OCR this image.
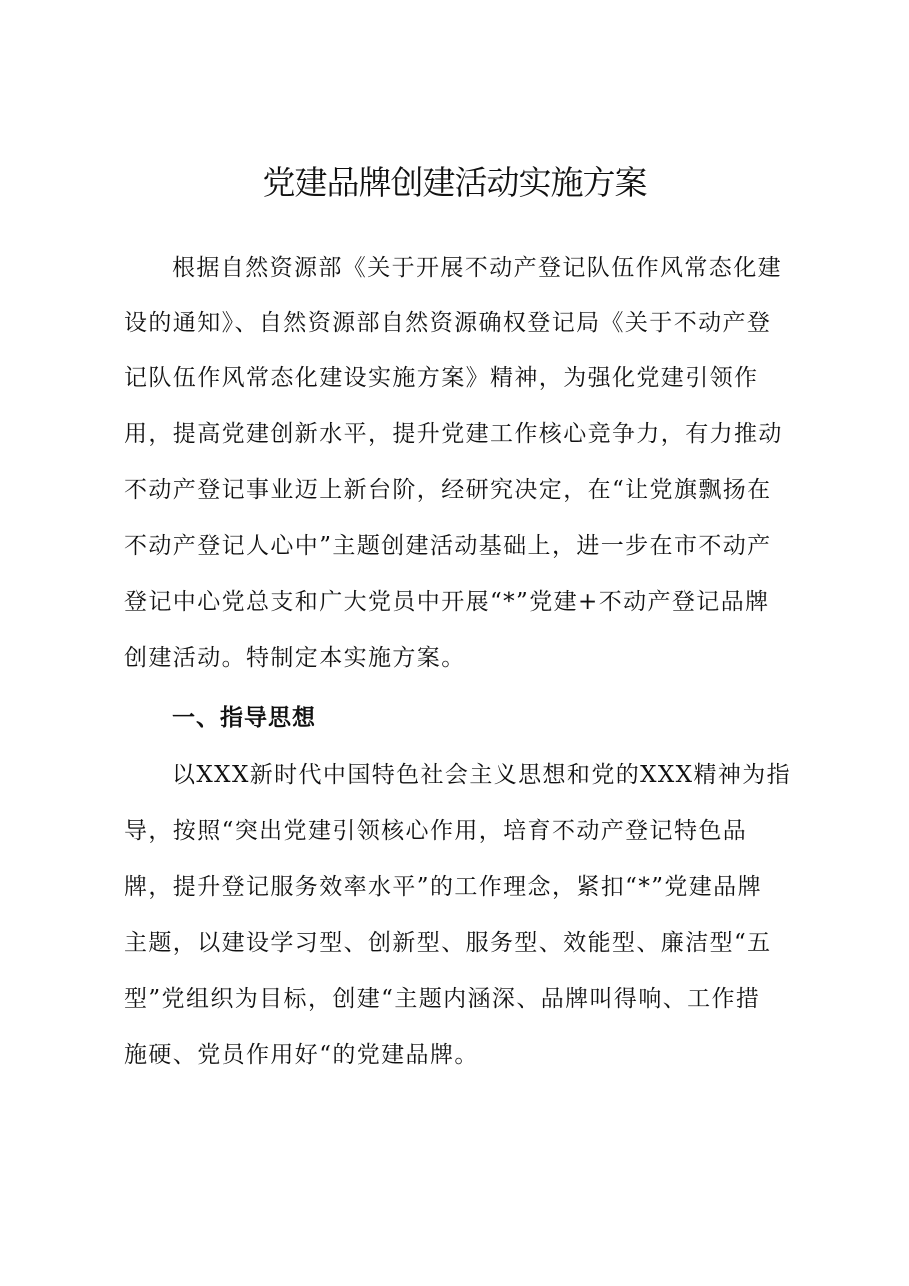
党建品牌创建活动实施方案
根据自然资源部《关于开展不动产登记队伍作风常态化建
设的通知》、自然资源部自然资源确权登记局《关于不动产登
记队伍作风常态化建设实施方案》精神，为强化党建引领作
用，提高党建创新水平，提升党建工作核心竞争力，有力推动
不动产登记事业迈上新台阶，经研究决定，在“让党旗飘扬在
不动产登记人心中”主题创建活动基础上，进一步在市不动产
登记中心党总支和广大党员中开展“*”党建+不动产登记品牌
创建活动。特制定本实施方案。
一、指导思想
以XXX新时代中国特色社会主义思想和党的XXX精神为指
导，按照“突出党建引领核心作用，培育不动产登记特色品
牌，提升登记服务效率水平”的工作理念，紧扣“*”党建品牌
主题，以建设学习型、创新型、服务型、效能型、廉洁型“五
型”党组织为目标，创建“主题内涵深、品牌叫得响、工作措
施硬、党员作用好“的党建品牌。
